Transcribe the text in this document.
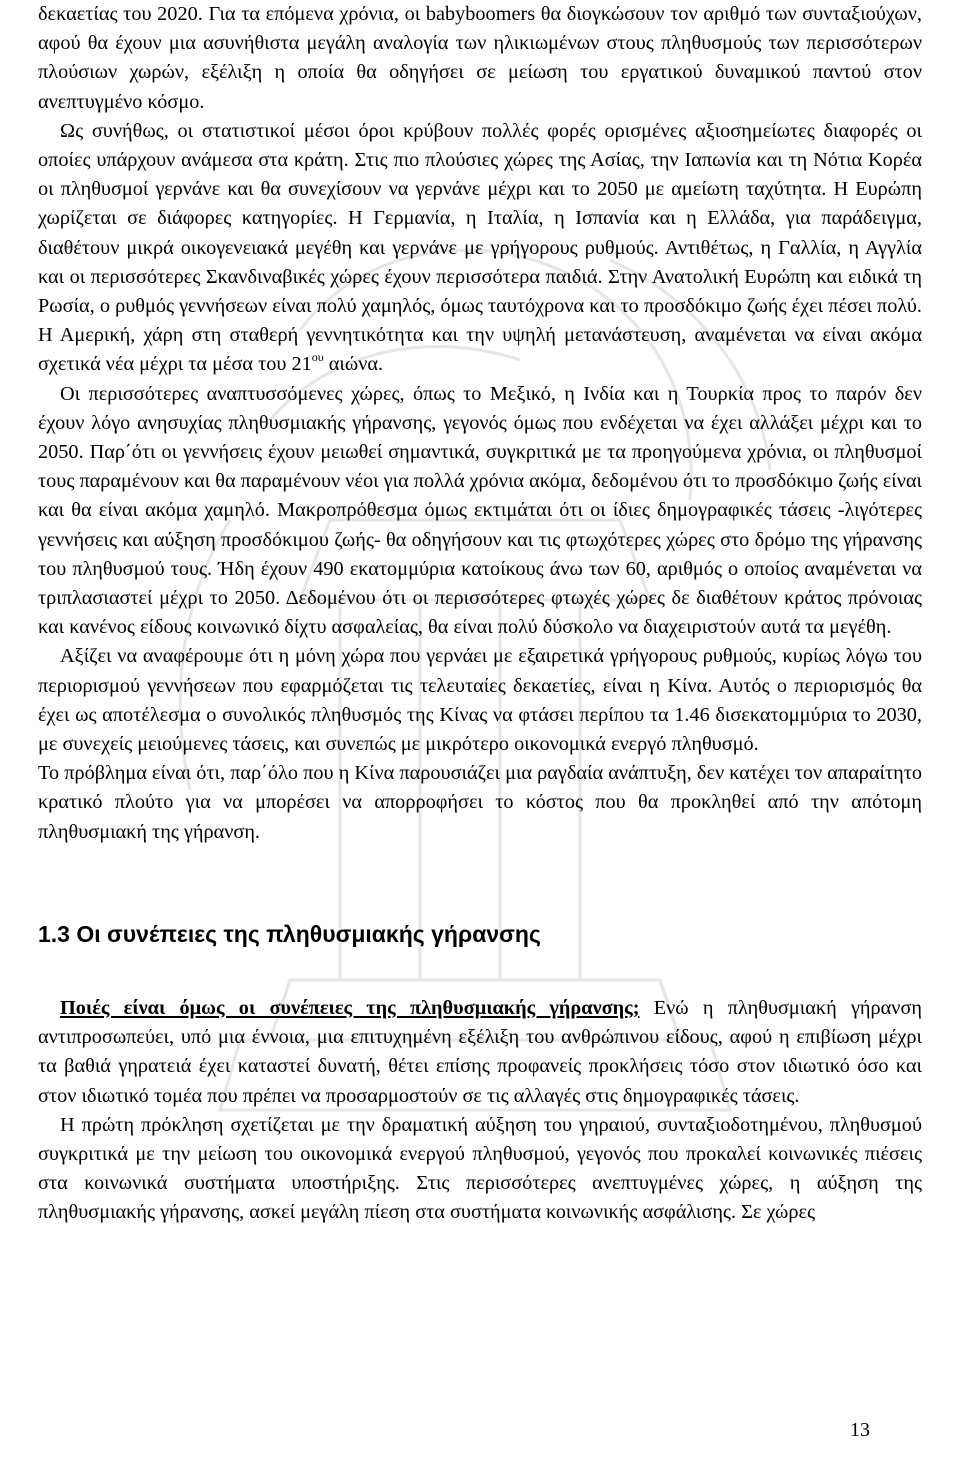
δεκαετίας του 2020. Για τα επόμενα χρόνια, οι babyboomers θα διογκώσουν τον αριθμό των συνταξιούχων, αφού θα έχουν μια ασυνήθιστα μεγάλη αναλογία των ηλικιωμένων στους πληθυσμούς των περισσότερων πλούσιων χωρών, εξέλιξη η οποία θα οδηγήσει σε μείωση του εργατικού δυναμικού παντού στον ανεπτυγμένο κόσμο.

Ως συνήθως, οι στατιστικοί μέσοι όροι κρύβουν πολλές φορές ορισμένες αξιοσημείωτες διαφορές οι οποίες υπάρχουν ανάμεσα στα κράτη. Στις πιο πλούσιες χώρες της Ασίας, την Ιαπωνία και τη Νότια Κορέα οι πληθυσμοί γερνάνε και θα συνεχίσουν να γερνάνε μέχρι και το 2050 με αμείωτη ταχύτητα. Η Ευρώπη χωρίζεται σε διάφορες κατηγορίες. Η Γερμανία, η Ιταλία, η Ισπανία και η Ελλάδα, για παράδειγμα, διαθέτουν μικρά οικογενειακά μεγέθη και γερνάνε με γρήγορους ρυθμούς. Αντιθέτως, η Γαλλία, η Αγγλία και οι περισσότερες Σκανδιναβικές χώρες έχουν περισσότερα παιδιά. Στην Ανατολική Ευρώπη και ειδικά τη Ρωσία, ο ρυθμός γεννήσεων είναι πολύ χαμηλός, όμως ταυτόχρονα και το προσδόκιμο ζωής έχει πέσει πολύ. Η Αμερική, χάρη στη σταθερή γεννητικότητα και την υψηλή μετανάστευση, αναμένεται να είναι ακόμα σχετικά νέα μέχρι τα μέσα του $21^{o\upsilon}$ αιώνα.

Οι περισσότερες αναπτυσσόμενες χώρες, όπως το Μεξικό, η Ινδία και η Τουρκία προς το παρόν δεν έχουν λόγο ανησυχίας πληθυσμιακής γήρανσης, γεγονός όμως που ενδέχεται να έχει αλλάξει μέχρι και το 2050. Παρ΄ότι οι γεννήσεις έχουν μειωθεί σημαντικά, συγκριτικά με τα προηγούμενα χρόνια, οι πληθυσμοί τους παραμένουν και θα παραμένουν νέοι για πολλά χρόνια ακόμα, δεδομένου ότι το προσδόκιμο ζωής είναι και θα είναι ακόμα χαμηλό. Μακροπρόθεσμα όμως εκτιμάται ότι οι ίδιες δημογραφικές τάσεις -λιγότερες γεννήσεις και αύξηση προσδόκιμου ζωής- θα οδηγήσουν και τις φτωχότερες χώρες στο δρόμο της γήρανσης του πληθυσμού τους. Ήδη έχουν 490 εκατομμύρια κατοίκους άνω των 60, αριθμός ο οποίος αναμένεται να τριπλασιαστεί μέχρι το 2050. Δεδομένου ότι οι περισσότερες φτωχές χώρες δε διαθέτουν κράτος πρόνοιας και κανένος είδους κοινωνικό δίχτυ ασφαλείας, θα είναι πολύ δύσκολο να διαχειριστούν αυτά τα μεγέθη.

Αξίζει να αναφέρουμε ότι η μόνη χώρα που γερνάει με εξαιρετικά γρήγορους ρυθμούς, κυρίως λόγω του περιορισμού γεννήσεων που εφαρμόζεται τις τελευταίες δεκαετίες, είναι η Κίνα. Αυτός ο περιορισμός θα έχει ως αποτέλεσμα ο συνολικός πληθυσμός της Κίνας να φτάσει περίπου τα 1.46 δισεκατομμύρια το 2030, με συνεχείς μειούμενες τάσεις, και συνεπώς με μικρότερο οικονομικά ενεργό πληθυσμό.

Το πρόβλημα είναι ότι, παρ΄όλο που η Κίνα παρουσιάζει μια ραγδαία ανάπτυξη, δεν κατέχει τον απαραίτητο κρατικό πλούτο για να μπορέσει να απορροφήσει το κόστος που θα προκληθεί από την απότομη πληθυσμιακή της γήρανση.

1.3 Οι συνέπειες της πληθυσμιακής γήρανσης

Ποιές είναι όμως οι συνέπειες της πληθυσμιακής γήρανσης; Ενώ η πληθυσμιακή γήρανση αντιπροσωπεύει, υπό μια έννοια, μια επιτυχημένη εξέλιξη του ανθρώπινου είδους, αφού η επιβίωση μέχρι τα βαθιά γηρατειά έχει καταστεί δυνατή, θέτει επίσης προφανείς προκλήσεις τόσο στον ιδιωτικό όσο και στον ιδιωτικό τομέα που πρέπει να προσαρμοστούν σε τις αλλαγές στις δημογραφικές τάσεις.

Η πρώτη πρόκληση σχετίζεται με την δραματική αύξηση του γηραιού, συνταξιοδοτημένου, πληθυσμού συγκριτικά με την μείωση του οικονομικά ενεργού πληθυσμού, γεγονός που προκαλεί κοινωνικές πιέσεις στα κοινωνικά συστήματα υποστήριξης. Στις περισσότερες ανεπτυγμένες χώρες, η αύξηση της πληθυσμιακής γήρανσης, ασκεί μεγάλη πίεση στα συστήματα κοινωνικής ασφάλισης. Σε χώρες

13
